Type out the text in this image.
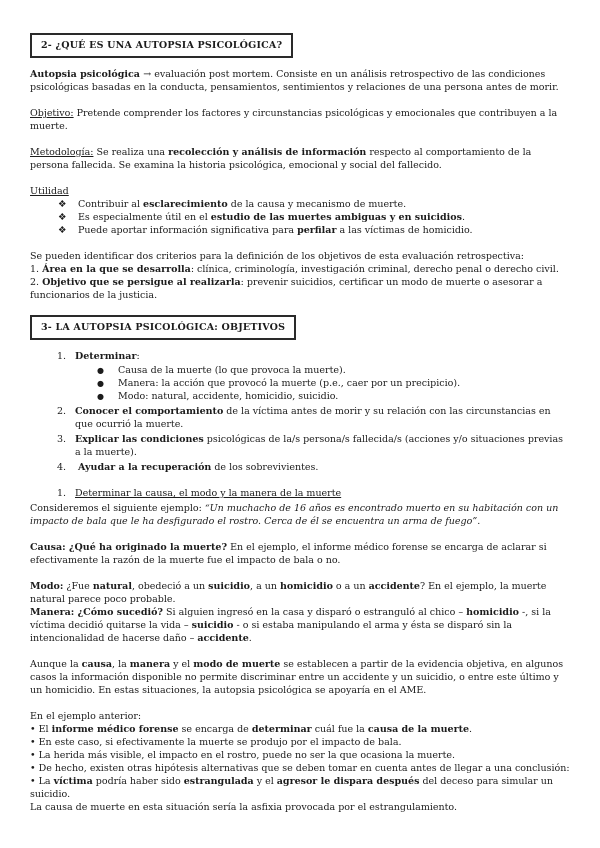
2- ¿QUÉ ES UNA AUTOPSIA PSICOLÓGICA?
Autopsia psicológica → evaluación post mortem. Consiste en un análisis retrospectivo de las condiciones psicológicas basadas en la conducta, pensamientos, sentimientos y relaciones de una persona antes de morir.
Objetivo: Pretende comprender los factores y circunstancias psicológicas y emocionales que contribuyen a la muerte.
Metodología: Se realiza una recolección y análisis de información respecto al comportamiento de la persona fallecida. Se examina la historia psicológica, emocional y social del fallecido.
Utilidad
❖	Contribuir al esclarecimiento de la causa y mecanismo de muerte.
❖	Es especialmente útil en el estudio de las muertes ambiguas y en suicidios.
❖	Puede aportar información significativa para perfilar a las víctimas de homicidio.
Se pueden identificar dos criterios para la definición de los objetivos de esta evaluación retrospectiva:
1. Área en la que se desarrolla: clínica, criminología, investigación criminal, derecho penal o derecho civil.
2. Objetivo que se persigue al realizarla: prevenir suicidios, certificar un modo de muerte o asesorar a funcionarios de la justicia.
3- LA AUTOPSIA PSICOLÓGICA: OBJETIVOS
1. Determinar:
●	Causa de la muerte (lo que provoca la muerte).
●	Manera: la acción que provocó la muerte (p.e., caer por un precipicio).
●	Modo: natural, accidente, homicidio, suicidio.
2. Conocer el comportamiento de la víctima antes de morir y su relación con las circunstancias en que ocurrió la muerte.
3. Explicar las condiciones psicológicas de la/s persona/s fallecida/s (acciones y/o situaciones previas a la muerte).
4.	Ayudar a la recuperación de los sobrevivientes.
1. Determinar la causa, el modo y la manera de la muerte
Consideremos el siguiente ejemplo: “Un muchacho de 16 años es encontrado muerto en su habitación con un impacto de bala que le ha desfigurado el rostro. Cerca de él se encuentra un arma de fuego”.
Causa: ¿Qué ha originado la muerte? En el ejemplo, el informe médico forense se encarga de aclarar si efectivamente la razón de la muerte fue el impacto de bala o no.
Modo: ¿Fue natural, obedeció a un suicidio, a un homicidio o a un accidente? En el ejemplo, la muerte natural parece poco probable.
Manera: ¿Cómo sucedió? Si alguien ingresó en la casa y disparó o estranguló al chico – homicidio -, si la víctima decidió quitarse la vida – suicidio - o si estaba manipulando el arma y ésta se disparó sin la intencionalidad de hacerse daño – accidente.
Aunque la causa, la manera y el modo de muerte se establecen a partir de la evidencia objetiva, en algunos casos la información disponible no permite discriminar entre un accidente y un suicidio, o entre este último y un homicidio. En estas situaciones, la autopsia psicológica se apoyaría en el AME.
En el ejemplo anterior:
• El informe médico forense se encarga de determinar cuál fue la causa de la muerte.
• En este caso, si efectivamente la muerte se produjo por el impacto de bala.
• La herida más visible, el impacto en el rostro, puede no ser la que ocasiona la muerte.
• De hecho, existen otras hipótesis alternativas que se deben tomar en cuenta antes de llegar a una conclusión:
• La víctima podría haber sido estrangulada y el agresor le dispara después del deceso para simular un suicidio.
La causa de muerte en esta situación sería la asfixia provocada por el estrangulamiento.
